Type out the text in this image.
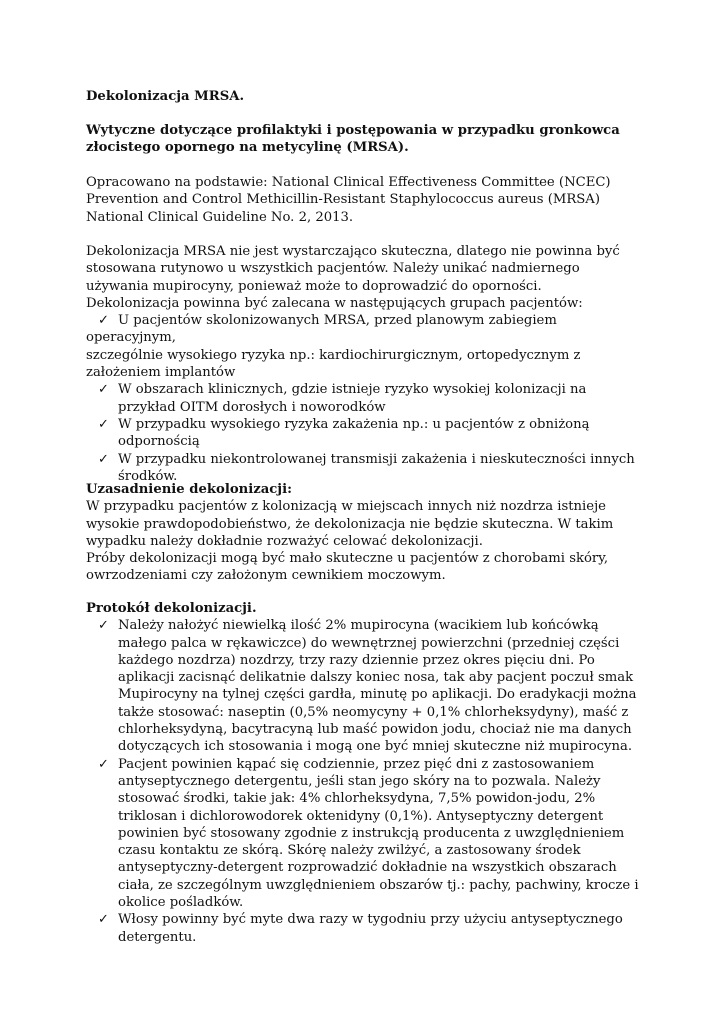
Dekolonizacja MRSA.

Wytyczne dotyczące profilaktyki i postępowania w przypadku gronkowca złocistego opornego na metycylinę (MRSA).

Opracowano na podstawie: National Clinical Effectiveness Committee (NCEC) Prevention and Control Methicillin-Resistant Staphylococcus aureus (MRSA) National Clinical Guideline No. 2, 2013.

Dekolonizacja MRSA nie jest wystarczająco skuteczna, dlatego nie powinna być stosowana rutynowo u wszystkich pacjentów. Należy unikać nadmiernego używania mupirocyny, ponieważ może to doprowadzić do oporności.

Dekolonizacja powinna być zalecana w następujących grupach pacjentów:

✓ U pacjentów skolonizowanych MRSA, przed planowym zabiegiem operacyjnym,

szczególnie wysokiego ryzyka np.: kardiochirurgicznym, ortopedycznym z założeniem implantów

✓ W obszarach klinicznych, gdzie istnieje ryzyko wysokiej kolonizacji na przykład OITM dorosłych i noworodków
✓ W przypadku wysokiego ryzyka zakażenia np.: u pacjentów z obniżoną odpornością
✓ W przypadku niekontrolowanej transmisji zakażenia i nieskuteczności innych środków.

Uzasadnienie dekolonizacji:

W przypadku pacjentów z kolonizacją w miejscach innych niż nozdrza istnieje wysokie prawdopodobieństwo, że dekolonizacja nie będzie skuteczna. W takim wypadku należy dokładnie rozważyć celować dekolonizacji.

Próby dekolonizacji mogą być mało skuteczne u pacjentów z chorobami skóry, owrzodzeniami czy założonym cewnikiem moczowym.

Protokół dekolonizacji.

✓ Należy nałożyć niewielką ilość 2% mupirocyna (wacikiem lub końcówką małego palca w rękawiczce) do wewnętrznej powierzchni (przedniej części każdego nozdrza) nozdrzy, trzy razy dziennie przez okres pięciu dni. Po aplikacji zacisnąć delikatnie dalszy koniec nosa, tak aby pacjent poczuł smak Mupirocyny na tylnej części gardła, minutę po aplikacji. Do eradykacji można także stosować: naseptin (0,5% neomycyny + 0,1% chlorheksydyny), maść z chlorheksydyną, bacytracyną lub maść powidon jodu, chociaż nie ma danych dotyczących ich stosowania i mogą one być mniej skuteczne niż mupirocyna.
✓ Pacjent powinien kąpać się codziennie, przez pięć dni z zastosowaniem antyseptycznego detergentu, jeśli stan jego skóry na to pozwala. Należy stosować środki, takie jak: 4% chlorheksydyna, 7,5% powidon-jodu, 2% triklosan i dichlorowodorek oktenidyny (0,1%). Antyseptyczny detergent powinien być stosowany zgodnie z instrukcją producenta z uwzględnieniem czasu kontaktu ze skórą. Skórę należy zwilżyć, a zastosowany środek antyseptyczny-detergent rozprowadzić dokładnie na wszystkich obszarach ciała, ze szczególnym uwzględnieniem obszarów tj.: pachy, pachwiny, krocze i okolice pośladków.
✓ Włosy powinny być myte dwa razy w tygodniu przy użyciu antyseptycznego detergentu.
